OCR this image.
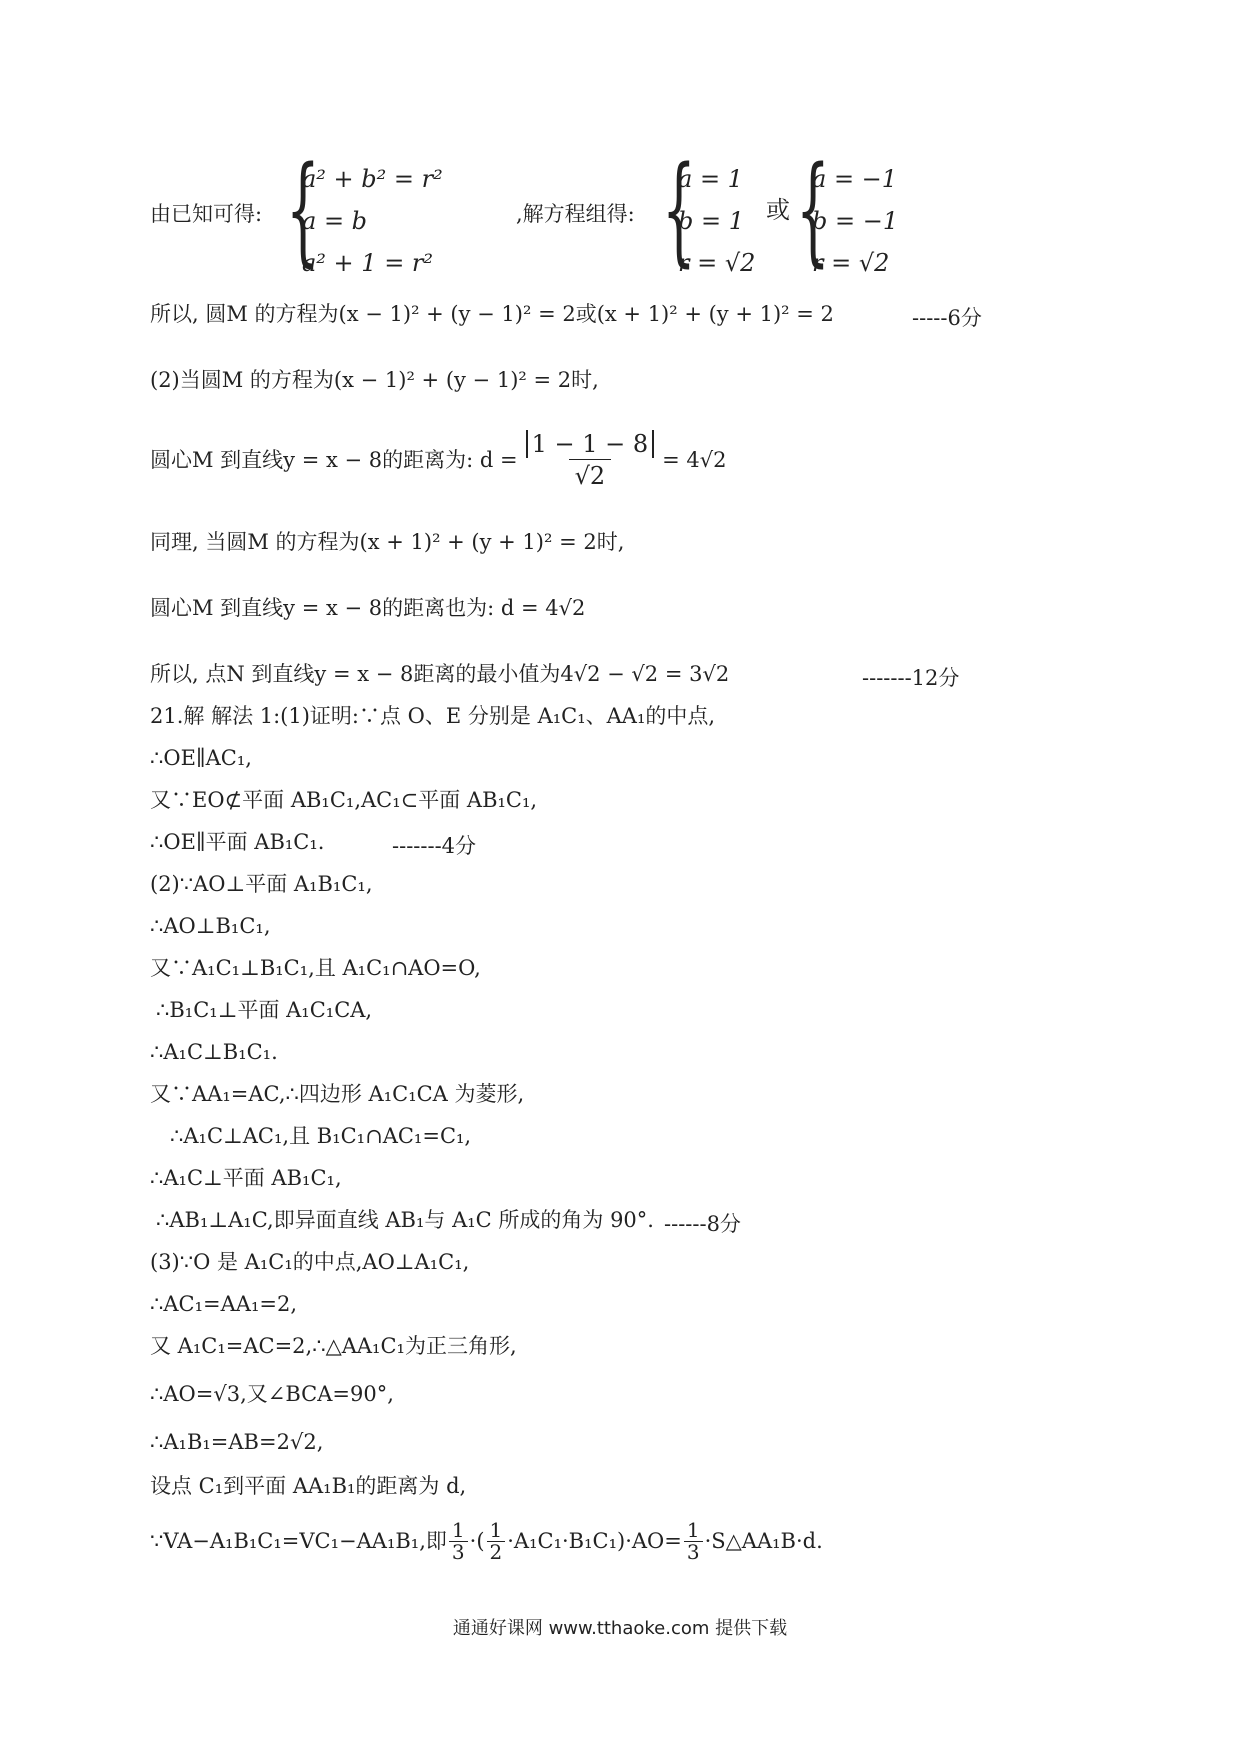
由已知可得: {
a² + b² = r²
a = b
a² + 1 = r²
,解方程组得: {
a = 1
b = 1
r = √2
或 {
a = −1
b = −1
r = √2
所以, 圆M 的方程为(x − 1)² + (y − 1)² = 2或(x + 1)² + (y + 1)² = 2	-----6分
(2)当圆M 的方程为(x − 1)² + (y − 1)² = 2时,
圆心M 到直线y = x − 8的距离为: $d = \frac{1 - 1 - 8}{√2} = 4√2$
同理, 当圆M 的方程为(x + 1)² + (y + 1)² = 2时,
圆心M 到直线y = x − 8的距离也为: d = 4√2
所以, 点N 到直线y = x − 8距离的最小值为4√2 − √2 = 3√2	-------12分
21.解 解法 1:(1)证明:∵点 O、E 分别是 A₁C₁、AA₁的中点,
∴OE∥AC₁,
又∵EO⊄平面 AB₁C₁,AC₁⊂平面 AB₁C₁,
∴OE∥平面 AB₁C₁.	-------4分
(2)∵AO⊥平面 A₁B₁C₁,
∴AO⊥B₁C₁,
又∵A₁C₁⊥B₁C₁,且 A₁C₁∩AO=O,
∴B₁C₁⊥平面 A₁C₁CA,
∴A₁C⊥B₁C₁.
又∵AA₁=AC,∴四边形 A₁C₁CA 为菱形,
∴A₁C⊥AC₁,且 B₁C₁∩AC₁=C₁,
∴A₁C⊥平面 AB₁C₁,
∴AB₁⊥A₁C,即异面直线 AB₁与 A₁C 所成的角为 90°. ------8分
(3)∵O 是 A₁C₁的中点,AO⊥A₁C₁,
∴AC₁=AA₁=2,
又 A₁C₁=AC=2,∴△AA₁C₁为正三角形,
∴AO=√3,又∠BCA=90°,
∴A₁B₁=AB=2√2,
设点 C₁到平面 AA₁B₁的距离为 d,
∵VA−A₁B₁C₁=VC₁−AA₁B₁,即 $\frac{1}{3}$ ·( $\frac{1}{2} \cdot A_1C_1\cdot B_1C_1)\cdot AO= \frac{1}{3}$ ·S△AA₁B·d.
通通好课网 www.tthaoke.com 提供下载
